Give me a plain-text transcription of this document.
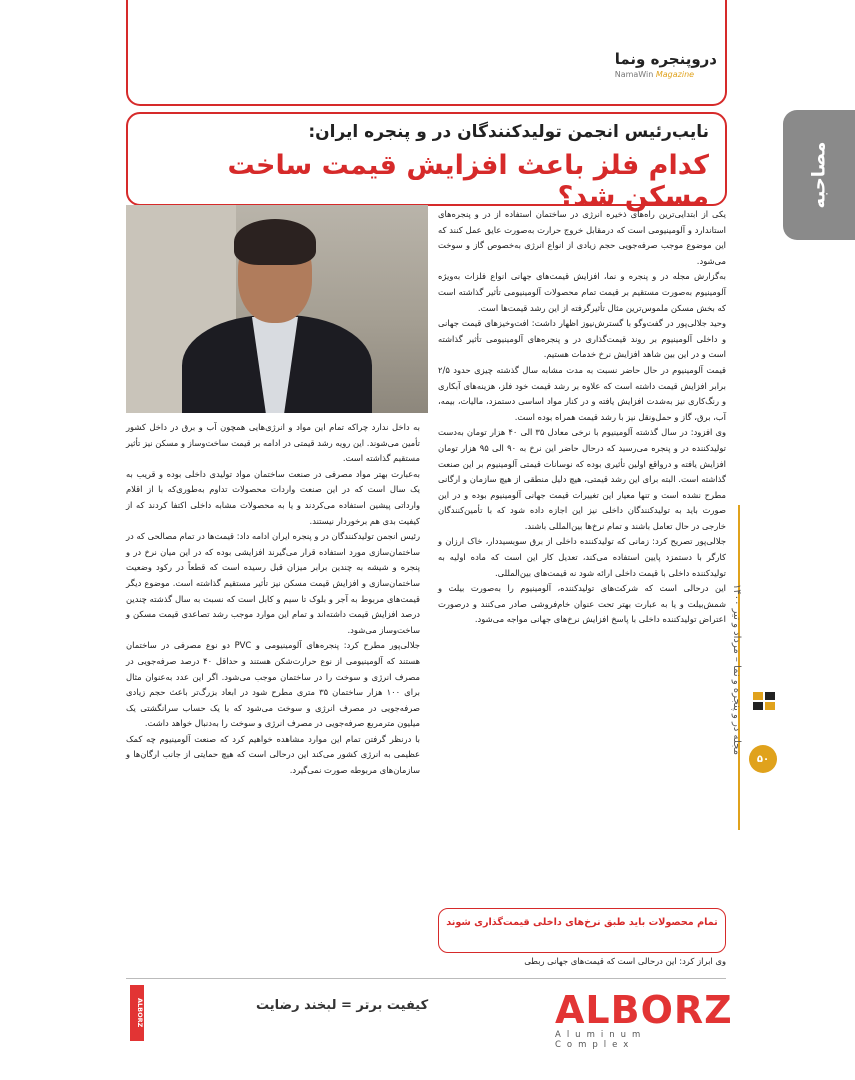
دروپنجره ونما
NamaWin Magazine
مصاحبه
نایب‌رئیس انجمن تولیدکنندگان در و پنجره ایران:
کدام فلز باعث افزایش قیمت ساخت مسکن شد؟

یکی از ابتدایی‌ترین راه‌های ذخیره انرژی در ساختمان استفاده از در و پنجره‌های استاندارد و آلومینیومی است که درمقابل خروج حرارت به‌صورت عایق عمل کنند که این موضوع موجب صرفه‌جویی حجم زیادی از انواع انرژی به‌خصوص گاز و سوخت می‌شود.

به‌گزارش مجله در و پنجره و نما، افزایش قیمت‌های جهانی انواع فلزات به‌ویژه آلومینیوم به‌صورت مستقیم بر قیمت تمام محصولات آلومینیومی تأثیر گذاشته است که بخش مسکن ملموس‌ترین مثال تأثیرگرفته از این رشد قیمت‌ها است.

وحید جلالی‌پور در گفت‌وگو با گسترش‌نیوز اظهار داشت: افت‌وخیزهای قیمت جهانی و داخلی آلومینیوم بر روند قیمت‌گذاری در و پنجره‌های آلومینیومی تأثیر گذاشته است و در این بین شاهد افزایش نرخ خدمات هستیم.

قیمت آلومینیوم در حال حاضر نسبت به مدت مشابه سال گذشته چیزی حدود ۲/۵ برابر افزایش قیمت داشته است که علاوه بر رشد قیمت خود فلز، هزینه‌های آبکاری و رنگ‌کاری نیز به‌شدت افزایش یافته و در کنار مواد اساسی دستمزد، مالیات، بیمه، آب، برق، گاز و حمل‌ونقل نیز با رشد قیمت همراه بوده است.

وی افزود: در سال گذشته آلومینیوم با نرخی معادل ۳۵ الی ۴۰ هزار تومان به‌دست تولیدکننده در و پنجره می‌رسید که درحال حاضر این نرخ به ۹۰ الی ۹۵ هزار تومان افزایش یافته و درواقع اولین تأثیری بوده که نوسانات قیمتی آلومینیوم بر این صنعت گذاشته است. البته برای این رشد قیمتی، هیچ دلیل منطقی از هیچ سازمان و ارگانی مطرح نشده است و تنها معیار این تغییرات قیمت جهانی آلومینیوم بوده و در این صورت باید به تولیدکنندگان داخلی نیز این اجازه داده شود که با تأمین‌کنندگان خارجی در حال تعامل باشند و تمام نرخ‌ها بین‌المللی باشند.

جلالی‌پور تصریح کرد: زمانی که تولیدکننده داخلی از برق سوبسیددار، خاک ارزان و کارگر با دستمزد پایین استفاده می‌کند، تعدیل کار این است که ماده اولیه به تولیدکننده داخلی با قیمت داخلی ارائه شود نه قیمت‌های بین‌المللی.

این درحالی است که شرکت‌های تولیدکننده، آلومینیوم را به‌صورت بیلت و شمش‌بیلت و یا به عبارت بهتر تحت عنوان خام‌فروشی صادر می‌کنند و درصورت اعتراض تولیدکننده داخلی با پاسخ افزایش نرخ‌های جهانی مواجه می‌شود.

تمام محصولات باید طبق نرخ‌های داخلی قیمت‌گذاری شوند
وی ابراز کرد: این درحالی است که قیمت‌های جهانی ربطی

به داخل ندارد چراکه تمام این مواد و انرژی‌هایی همچون آب و برق در داخل کشور تأمین می‌شوند. این رویه رشد قیمتی در ادامه بر قیمت ساخت‌وساز و مسکن نیز تأثیر مستقیم گذاشته است.

به‌عبارت بهتر مواد مصرفی در صنعت ساختمان مواد تولیدی داخلی بوده و قریب به یک سال است که در این صنعت واردات محصولات تداوم به‌طوری‌که با از اقلام وارداتی پیشین استفاده می‌کردند و یا به محصولات مشابه داخلی اکتفا کردند که از کیفیت بدی هم برخوردار نیستند.

رئیس انجمن تولیدکنندگان در و پنجره ایران ادامه داد: قیمت‌ها در تمام مصالحی که در ساختمان‌سازی مورد استفاده قرار می‌گیرند افزایشی بوده که در این میان نرخ در و پنجره و شیشه به چندین برابر میزان قبل رسیده است که قطعاً در رکود وضعیت ساختمان‌سازی و افزایش قیمت مسکن نیز تأثیر مستقیم گذاشته است. موضوع دیگر قیمت‌های مربوط به آجر و بلوک تا سیم و کابل است که نسبت به سال گذشته چندین درصد افزایش قیمت داشته‌اند و تمام این موارد موجب رشد تصاعدی قیمت مسکن و ساخت‌وساز می‌شود.

جلالی‌پور مطرح کرد: پنجره‌های آلومینیومی و PVC دو نوع مصرفی در ساختمان هستند که آلومینیومی از نوع حرارت‌شکن هستند و حداقل ۴۰ درصد صرفه‌جویی در مصرف انرژی و سوخت را در ساختمان موجب می‌شود. اگر این عدد به‌عنوان مثال برای ۱۰۰ هزار ساختمان ۳۵ متری مطرح شود در ابعاد بزرگ‌تر باعث حجم زیادی صرفه‌جویی در مصرف انرژی و سوخت می‌شود که با یک حساب سرانگشتی یک میلیون مترمربع صرفه‌جویی در مصرف انرژی و سوخت را به‌دنبال خواهد داشت.

با درنظر گرفتن تمام این موارد مشاهده خواهیم کرد که صنعت آلومینیوم چه کمک عظیمی به انرژی کشور می‌کند این درحالی است که هیچ حمایتی از جانب ارگان‌ها و سازمان‌های مربوطه صورت نمی‌گیرد.

مجله در و پنجره و نما – مرداد و تیر ۱۴۰۰
۵۰
ALBORZ
Aluminum Complex
کیفیت برتر = لبخند رضایت
ALBORZ
